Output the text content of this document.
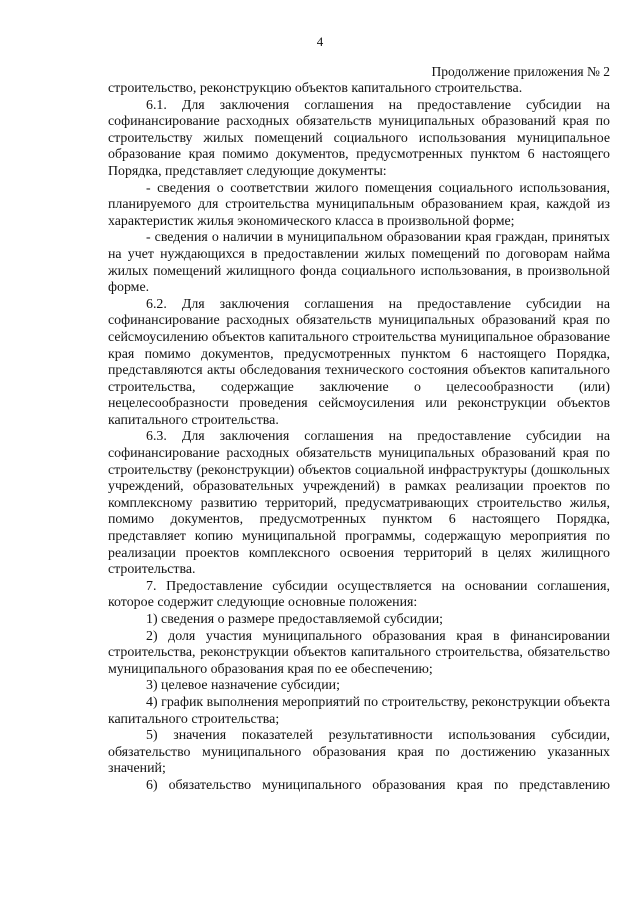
4
Продолжение приложения № 2

строительство, реконструкцию объектов капитального строительства.

6.1. Для заключения соглашения на предоставление субсидии на софинансирование расходных обязательств муниципальных образований края по строительству жилых помещений социального использования муниципальное образование края помимо документов, предусмотренных пунктом 6 настоящего Порядка, представляет следующие документы:

- сведения о соответствии жилого помещения социального использования, планируемого для строительства муниципальным образованием края, каждой из характеристик жилья экономического класса в произвольной форме;

- сведения о наличии в муниципальном образовании края граждан, принятых на учет нуждающихся в предоставлении жилых помещений по договорам найма жилых помещений жилищного фонда социального использования, в произвольной форме.

6.2. Для заключения соглашения на предоставление субсидии на софинансирование расходных обязательств муниципальных образований края по сейсмоусилению объектов капитального строительства муниципальное образование края помимо документов, предусмотренных пунктом 6 настоящего Порядка, представляются акты обследования технического состояния объектов капитального строительства, содержащие заключение о целесообразности (или) нецелесообразности проведения сейсмоусиления или реконструкции объектов капитального строительства.

6.3. Для заключения соглашения на предоставление субсидии на софинансирование расходных обязательств муниципальных образований края по строительству (реконструкции) объектов социальной инфраструктуры (дошкольных учреждений, образовательных учреждений) в рамках реализации проектов по комплексному развитию территорий, предусматривающих строительство жилья, помимо документов, предусмотренных пунктом 6 настоящего Порядка, представляет копию муниципальной программы, содержащую мероприятия по реализации проектов комплексного освоения территорий в целях жилищного строительства.

7. Предоставление субсидии осуществляется на основании соглашения, которое содержит следующие основные положения:

1) сведения о размере предоставляемой субсидии;

2) доля участия муниципального образования края в финансировании строительства, реконструкции объектов капитального строительства, обязательство муниципального образования края по ее обеспечению;

3) целевое назначение субсидии;

4) график выполнения мероприятий по строительству, реконструкции объекта капитального строительства;

5) значения показателей результативности использования субсидии, обязательство муниципального образования края по достижению указанных значений;

6) обязательство муниципального образования края по представлению
